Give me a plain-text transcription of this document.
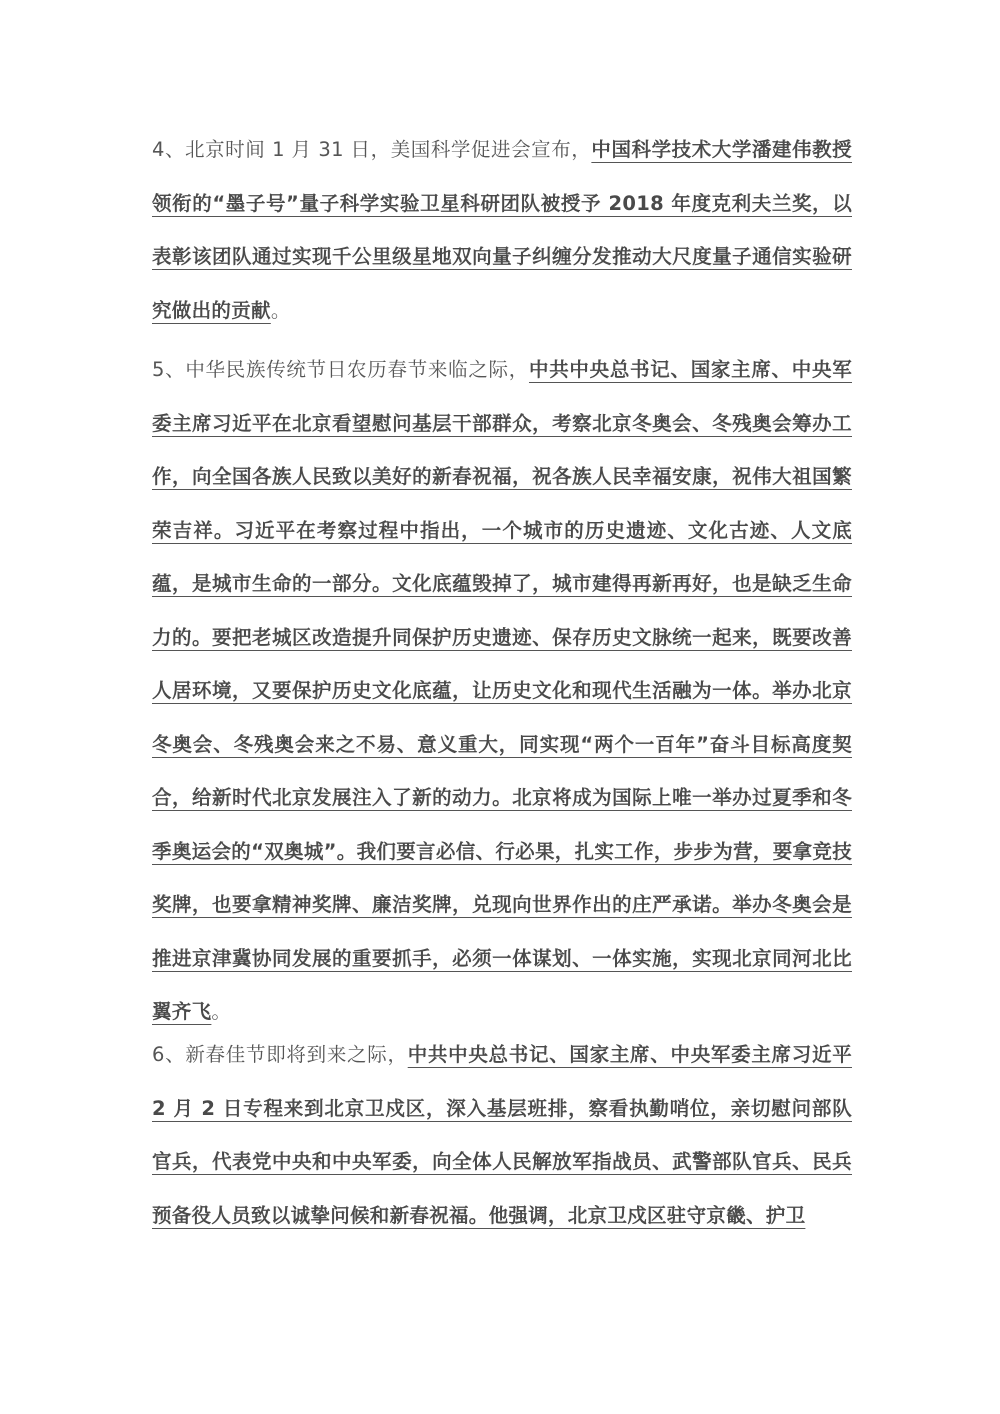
4、北京时间 1 月 31 日，美国科学促进会宣布，中国科学技术大学潘建伟教授领衔的“墨子号”量子科学实验卫星科研团队被授予 2018 年度克利夫兰奖，以表彰该团队通过实现千公里级星地双向量子纠缠分发推动大尺度量子通信实验研究做出的贡献。

5、中华民族传统节日农历春节来临之际，中共中央总书记、国家主席、中央军委主席习近平在北京看望慰问基层干部群众，考察北京冬奥会、冬残奥会筹办工作，向全国各族人民致以美好的新春祝福，祝各族人民幸福安康，祝伟大祖国繁荣吉祥。习近平在考察过程中指出，一个城市的历史遗迹、文化古迹、人文底蕴，是城市生命的一部分。文化底蕴毁掉了，城市建得再新再好，也是缺乏生命力的。要把老城区改造提升同保护历史遗迹、保存历史文脉统一起来，既要改善人居环境，又要保护历史文化底蕴，让历史文化和现代生活融为一体。举办北京冬奥会、冬残奥会来之不易、意义重大，同实现“两个一百年”奋斗目标高度契合，给新时代北京发展注入了新的动力。北京将成为国际上唯一举办过夏季和冬季奥运会的“双奥城”。我们要言必信、行必果，扎实工作，步步为营，要拿竞技奖牌，也要拿精神奖牌、廉洁奖牌，兑现向世界作出的庄严承诺。举办冬奥会是推进京津冀协同发展的重要抓手，必须一体谋划、一体实施，实现北京同河北比翼齐飞。

6、新春佳节即将到来之际，中共中央总书记、国家主席、中央军委主席习近平 2 月 2 日专程来到北京卫戍区，深入基层班排，察看执勤哨位，亲切慰问部队官兵，代表党中央和中央军委，向全体人民解放军指战员、武警部队官兵、民兵预备役人员致以诚挚问候和新春祝福。他强调，北京卫戍区驻守京畿、护卫
